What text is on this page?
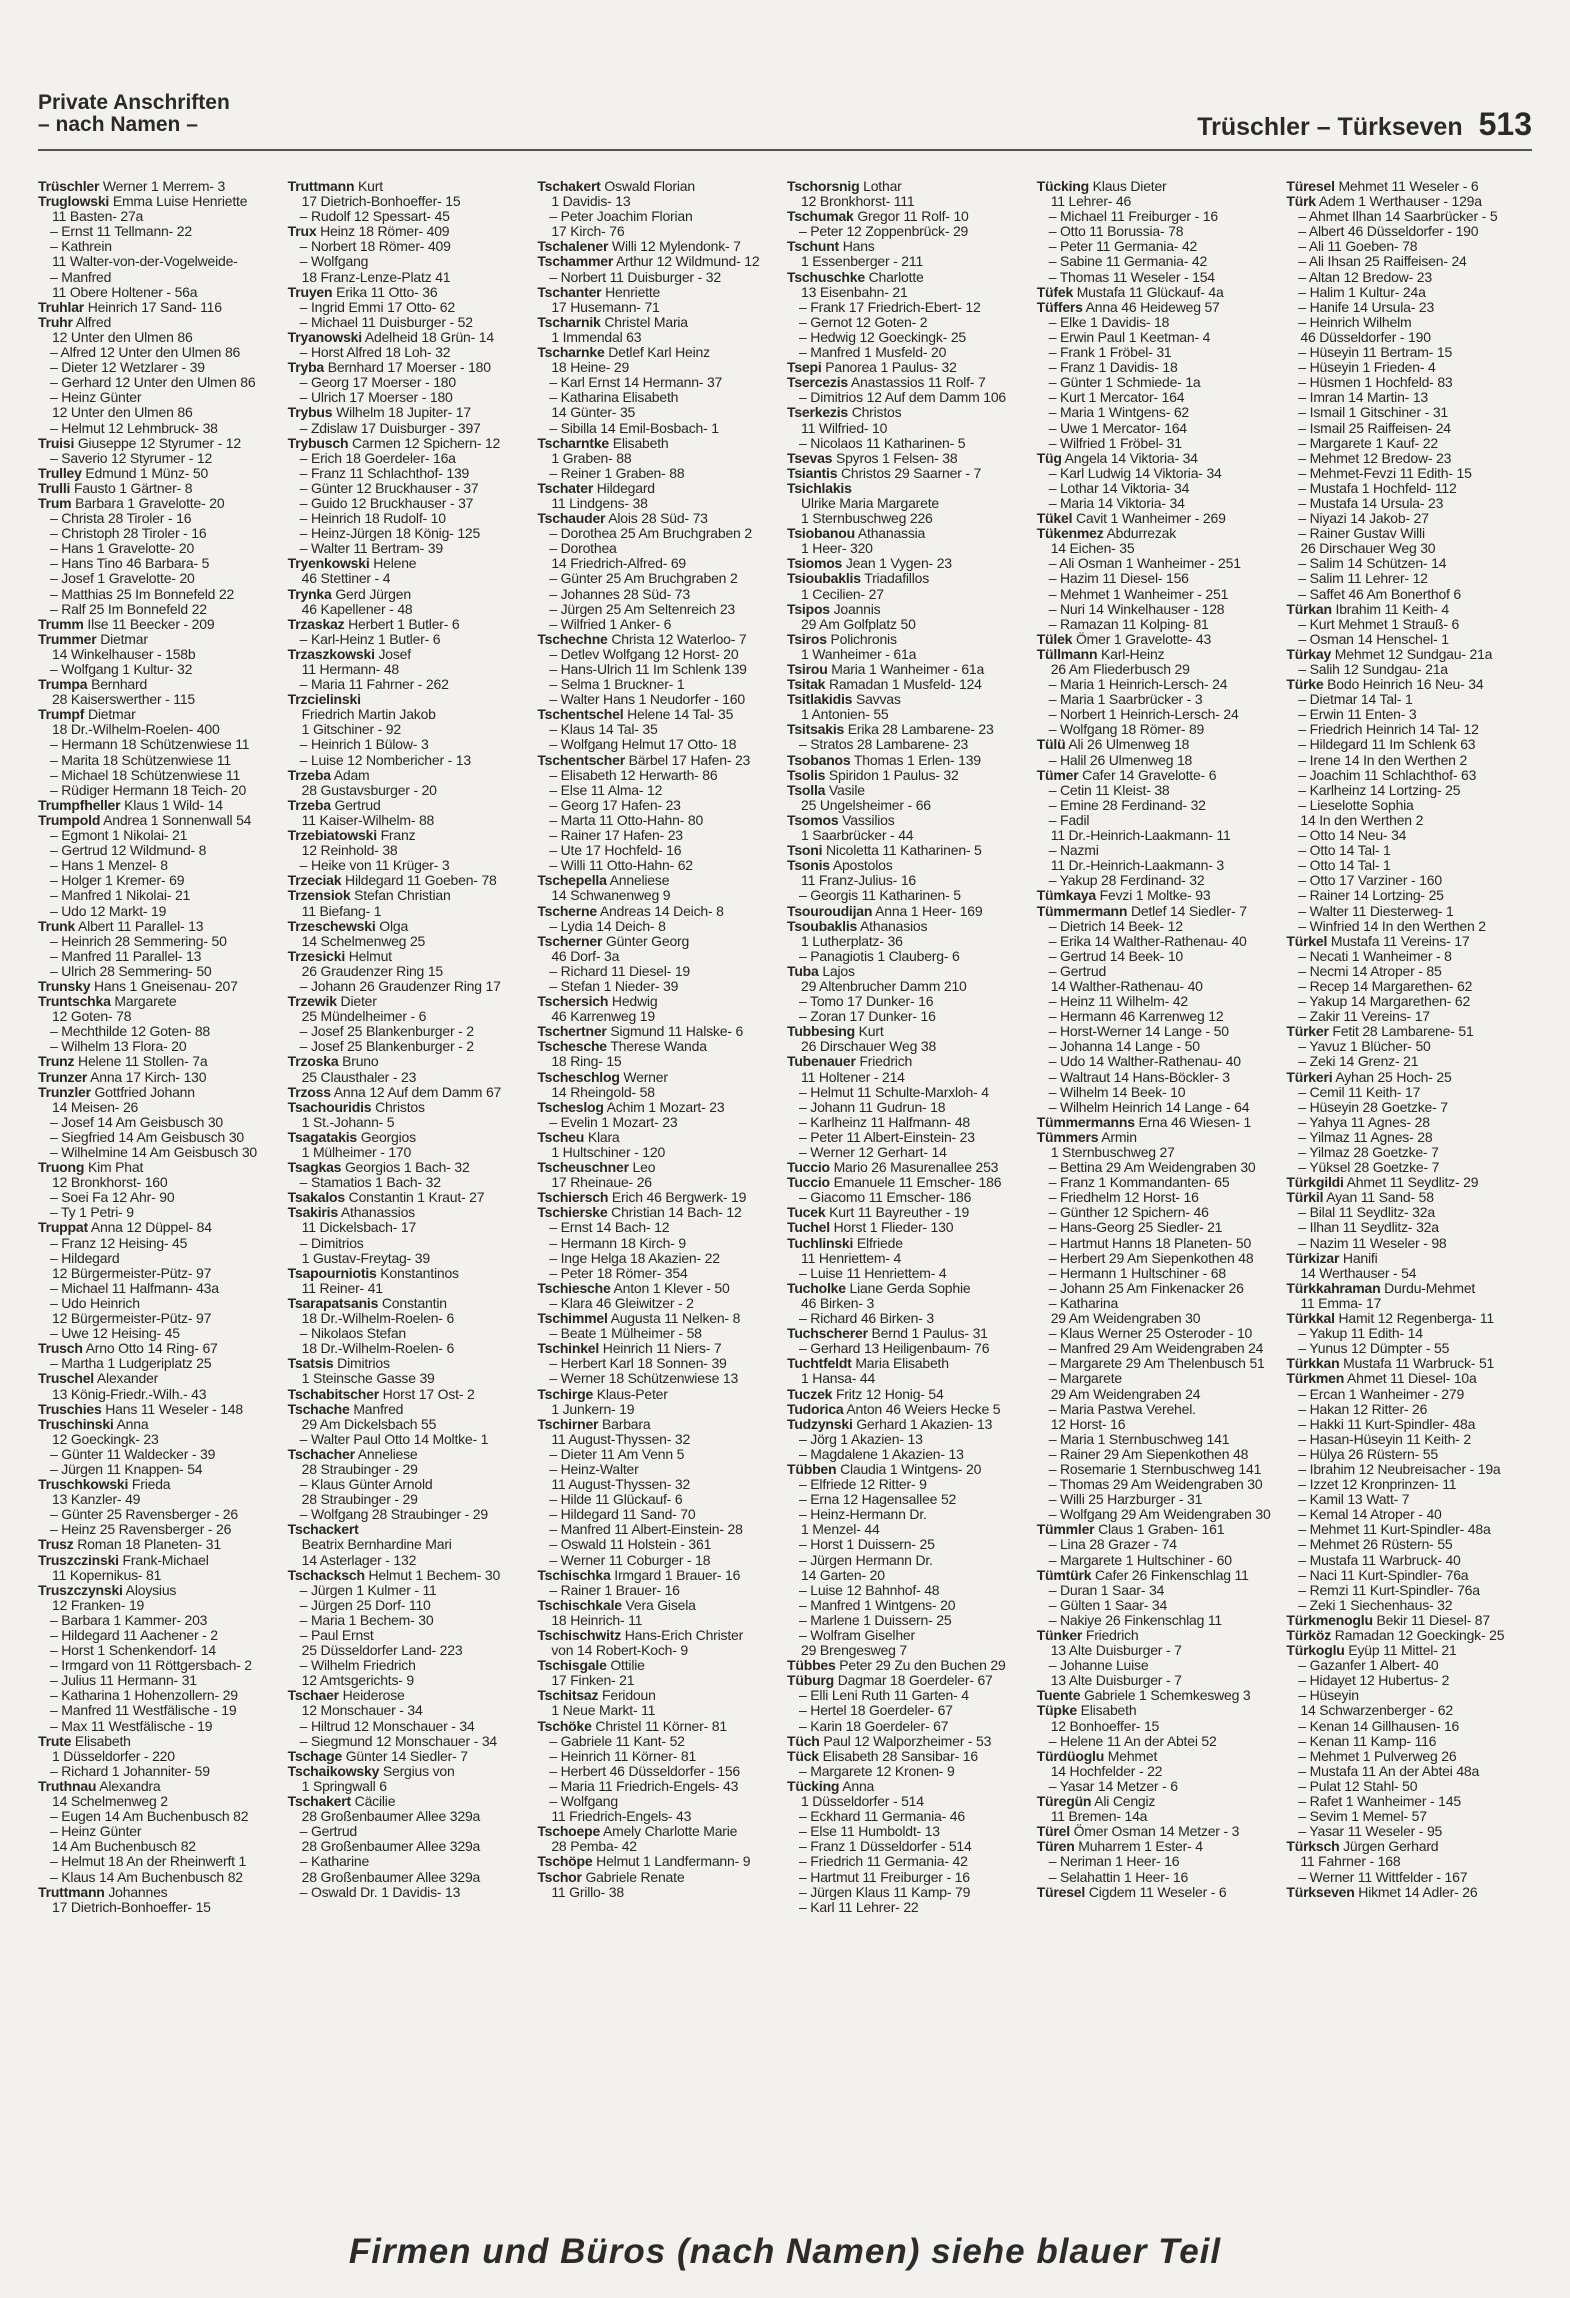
Private Anschriften
– nach Namen –	Trüschler – Türkseven 513
Trüschler Werner 1 Merrem- 3
Truglowski Emma Luise Henriette
11 Basten- 27a
– Ernst 11 Tellmann- 22
– Kathrein
11 Walter-von-der-Vogelweide-
– Manfred
11 Obere Holtener - 56a
Truhlar Heinrich 17 Sand- 116
Truhr Alfred
12 Unter den Ulmen 86
– Alfred 12 Unter den Ulmen 86
– Dieter 12 Wetzlarer - 39
– Gerhard 12 Unter den Ulmen 86
– Heinz Günter
12 Unter den Ulmen 86
– Helmut 12 Lehmbruck- 38
Truisi Giuseppe 12 Styrumer - 12
– Saverio 12 Styrumer - 12
Trulley Edmund 1 Münz- 50
Trulli Fausto 1 Gärtner- 8
Trum Barbara 1 Gravelotte- 20
– Christa 28 Tiroler - 16
– Christoph 28 Tiroler - 16
– Hans 1 Gravelotte- 20
– Hans Tino 46 Barbara- 5
– Josef 1 Gravelotte- 20
– Matthias 25 Im Bonnefeld 22
– Ralf 25 Im Bonnefeld 22
Trumm Ilse 11 Beecker - 209
Trummer Dietmar
14 Winkelhauser - 158b
– Wolfgang 1 Kultur- 32
Trumpa Bernhard
28 Kaiserswerther - 115
Trumpf Dietmar
18 Dr.-Wilhelm-Roelen- 400
– Hermann 18 Schützenwiese 11
– Marita 18 Schützenwiese 11
– Michael 18 Schützenwiese 11
– Rüdiger Hermann 18 Teich- 20
Trumpfheller Klaus 1 Wild- 14
Trumpold Andrea 1 Sonnenwall 54
– Egmont 1 Nikolai- 21
– Gertrud 12 Wildmund- 8
– Hans 1 Menzel- 8
– Holger 1 Kremer- 69
– Manfred 1 Nikolai- 21
– Udo 12 Markt- 19
Trunk Albert 11 Parallel- 13
– Heinrich 28 Semmering- 50
– Manfred 11 Parallel- 13
– Ulrich 28 Semmering- 50
Trunsky Hans 1 Gneisenau- 207
Truntschka Margarete
12 Goten- 78
– Mechthilde 12 Goten- 88
– Wilhelm 13 Flora- 20
Trunz Helene 11 Stollen- 7a
Trunzer Anna 17 Kirch- 130
Trunzler Gottfried Johann
14 Meisen- 26
– Josef 14 Am Geisbusch 30
– Siegfried 14 Am Geisbusch 30
– Wilhelmine 14 Am Geisbusch 30
Truong Kim Phat
12 Bronkhorst- 160
– Soei Fa 12 Ahr- 90
– Ty 1 Petri- 9
Truppat Anna 12 Düppel- 84
– Franz 12 Heising- 45
– Hildegard
12 Bürgermeister-Pütz- 97
– Michael 11 Halfmann- 43a
– Udo Heinrich
12 Bürgermeister-Pütz- 97
– Uwe 12 Heising- 45
Trusch Arno Otto 14 Ring- 67
– Martha 1 Ludgeriplatz 25
Truschel Alexander
13 König-Friedr.-Wilh.- 43
Truschies Hans 11 Weseler - 148
Truschinski Anna
12 Goeckingk- 23
– Günter 11 Waldecker - 39
– Jürgen 11 Knappen- 54
Truschkowski Frieda
13 Kanzler- 49
– Günter 25 Ravensberger - 26
– Heinz 25 Ravensberger - 26
Trusz Roman 18 Planeten- 31
Truszczinski Frank-Michael
11 Kopernikus- 81
Truszczynski Aloysius
12 Franken- 19
– Barbara 1 Kammer- 203
– Hildegard 11 Aachener - 2
– Horst 1 Schenkendorf- 14
– Irmgard von 11 Röttgersbach- 2
– Julius 11 Hermann- 31
– Katharina 1 Hohenzollern- 29
– Manfred 11 Westfälische - 19
– Max 11 Westfälische - 19
Trute Elisabeth
1 Düsseldorfer - 220
– Richard 1 Johanniter- 59
Truthnau Alexandra
14 Schelmenweg 2
– Eugen 14 Am Buchenbusch 82
– Heinz Günter
14 Am Buchenbusch 82
– Helmut 18 An der Rheinwerft 1
– Klaus 14 Am Buchenbusch 82
Truttmann Johannes
17 Dietrich-Bonhoeffer- 15
Truttmann Kurt
17 Dietrich-Bonhoeffer- 15
– Rudolf 12 Spessart- 45
Trux Heinz 18 Römer- 409
– Norbert 18 Römer- 409
– Wolfgang
18 Franz-Lenze-Platz 41
Truyen Erika 11 Otto- 36
– Ingrid Emmi 17 Otto- 62
– Michael 11 Duisburger - 52
Tryanowski Adelheid 18 Grün- 14
– Horst Alfred 18 Loh- 32
Tryba Bernhard 17 Moerser - 180
– Georg 17 Moerser - 180
– Ulrich 17 Moerser - 180
Trybus Wilhelm 18 Jupiter- 17
– Zdislaw 17 Duisburger - 397
Trybusch Carmen 12 Spichern- 12
– Erich 18 Goerdeler- 16a
– Franz 11 Schlachthof- 139
– Günter 12 Bruckhauser - 37
– Guido 12 Bruckhauser - 37
– Heinrich 18 Rudolf- 10
– Heinz-Jürgen 18 König- 125
– Walter 11 Bertram- 39
Tryenkowski Helene
46 Stettiner - 4
Trynka Gerd Jürgen
46 Kapellener - 48
Trzaskaz Herbert 1 Butler- 6
– Karl-Heinz 1 Butler- 6
Trzaszkowski Josef
11 Hermann- 48
– Maria 11 Fahrner - 262
Trzcielinski
Friedrich Martin Jakob
1 Gitschiner - 92
– Heinrich 1 Bülow- 3
– Luise 12 Nombericher - 13
Trzeba Adam
28 Gustavsburger - 20
Trzeba Gertrud
11 Kaiser-Wilhelm- 88
Trzebiatowski Franz
12 Reinhold- 38
– Heike von 11 Krüger- 3
Trzeciak Hildegard 11 Goeben- 78
Trzensiok Stefan Christian
11 Biefang- 1
Trzeschewski Olga
14 Schelmenweg 25
Trzesicki Helmut
26 Graudenzer Ring 15
– Johann 26 Graudenzer Ring 17
Trzewik Dieter
25 Mündelheimer - 6
– Josef 25 Blankenburger - 2
– Josef 25 Blankenburger - 2
Trzoska Bruno
25 Clausthaler - 23
Trzoss Anna 12 Auf dem Damm 67
Tsachouridis Christos
1 St.-Johann- 5
Tsagatakis Georgios
1 Mülheimer - 170
Tsagkas Georgios 1 Bach- 32
– Stamatios 1 Bach- 32
Tsakalos Constantin 1 Kraut- 27
Tsakiris Athanassios
11 Dickelsbach- 17
– Dimitrios
1 Gustav-Freytag- 39
Tsapourniotis Konstantinos
11 Reiner- 41
Tsarapatsanis Constantin
18 Dr.-Wilhelm-Roelen- 6
– Nikolaos Stefan
18 Dr.-Wilhelm-Roelen- 6
Tsatsis Dimitrios
1 Steinsche Gasse 39
Tschabitscher Horst 17 Ost- 2
Tschache Manfred
29 Am Dickelsbach 55
– Walter Paul Otto 14 Moltke- 1
Tschacher Anneliese
28 Straubinger - 29
– Klaus Günter Arnold
28 Straubinger - 29
– Wolfgang 28 Straubinger - 29
Tschackert
Beatrix Bernhardine Mari
14 Asterlager - 132
Tschacksch Helmut 1 Bechem- 30
– Jürgen 1 Kulmer - 11
– Jürgen 25 Dorf- 110
– Maria 1 Bechem- 30
– Paul Ernst
25 Düsseldorfer Land- 223
– Wilhelm Friedrich
12 Amtsgerichts- 9
Tschaer Heiderose
12 Monschauer - 34
– Hiltrud 12 Monschauer - 34
– Siegmund 12 Monschauer - 34
Tschage Günter 14 Siedler- 7
Tschaikowsky Sergius von
1 Springwall 6
Tschakert Cäcilie
28 Großenbaumer Allee 329a
– Gertrud
28 Großenbaumer Allee 329a
– Katharine
28 Großenbaumer Allee 329a
– Oswald Dr. 1 Davidis- 13
Tschakert Oswald Florian
1 Davidis- 13
– Peter Joachim Florian
17 Kirch- 76
Tschalener Willi 12 Mylendonk- 7
Tschammer Arthur 12 Wildmund- 12
– Norbert 11 Duisburger - 32
Tschanter Henriette
17 Husemann- 71
Tscharnik Christel Maria
1 Immendal 63
Tscharnke Detlef Karl Heinz
18 Heine- 29
– Karl Ernst 14 Hermann- 37
– Katharina Elisabeth
14 Günter- 35
– Sibilla 14 Emil-Bosbach- 1
Tscharntke Elisabeth
1 Graben- 88
– Reiner 1 Graben- 88
Tschater Hildegard
11 Lindgens- 38
Tschauder Alois 28 Süd- 73
– Dorothea 25 Am Bruchgraben 2
– Dorothea
14 Friedrich-Alfred- 69
– Günter 25 Am Bruchgraben 2
– Johannes 28 Süd- 73
– Jürgen 25 Am Seltenreich 23
– Wilfried 1 Anker- 6
Tschechne Christa 12 Waterloo- 7
– Detlev Wolfgang 12 Horst- 20
– Hans-Ulrich 11 Im Schlenk 139
– Selma 1 Bruckner- 1
– Walter Hans 1 Neudorfer - 160
Tschentschel Helene 14 Tal- 35
– Klaus 14 Tal- 35
– Wolfgang Helmut 17 Otto- 18
Tschentscher Bärbel 17 Hafen- 23
– Elisabeth 12 Herwarth- 86
– Else 11 Alma- 12
– Georg 17 Hafen- 23
– Marta 11 Otto-Hahn- 80
– Rainer 17 Hafen- 23
– Ute 17 Hochfeld- 16
– Willi 11 Otto-Hahn- 62
Tschepella Anneliese
14 Schwanenweg 9
Tscherne Andreas 14 Deich- 8
– Lydia 14 Deich- 8
Tscherner Günter Georg
46 Dorf- 3a
– Richard 11 Diesel- 19
– Stefan 1 Nieder- 39
Tschersich Hedwig
46 Karrenweg 19
Tschertner Sigmund 11 Halske- 6
Tschesche Therese Wanda
18 Ring- 15
Tscheschlog Werner
14 Rheingold- 58
Tscheslog Achim 1 Mozart- 23
– Evelin 1 Mozart- 23
Tscheu Klara
1 Hultschiner - 120
Tscheuschner Leo
17 Rheinaue- 26
Tschiersch Erich 46 Bergwerk- 19
Tschierske Christian 14 Bach- 12
– Ernst 14 Bach- 12
– Hermann 18 Kirch- 9
– Inge Helga 18 Akazien- 22
– Peter 18 Römer- 354
Tschiesche Anton 1 Klever - 50
– Klara 46 Gleiwitzer - 2
Tschimmel Augusta 11 Nelken- 8
– Beate 1 Mülheimer - 58
Tschinkel Heinrich 11 Niers- 7
– Herbert Karl 18 Sonnen- 39
– Werner 18 Schützenwiese 13
Tschirge Klaus-Peter
1 Junkern- 19
Tschirner Barbara
11 August-Thyssen- 32
– Dieter 11 Am Venn 5
– Heinz-Walter
11 August-Thyssen- 32
– Hilde 11 Glückauf- 6
– Hildegard 11 Sand- 70
– Manfred 11 Albert-Einstein- 28
– Oswald 11 Holstein - 361
– Werner 11 Coburger - 18
Tschischka Irmgard 1 Brauer- 16
– Rainer 1 Brauer- 16
Tschischkale Vera Gisela
18 Heinrich- 11
Tschischwitz Hans-Erich Christer
von 14 Robert-Koch- 9
Tschisgale Ottilie
17 Finken- 21
Tschitsaz Feridoun
1 Neue Markt- 11
Tschöke Christel 11 Körner- 81
– Gabriele 11 Kant- 52
– Heinrich 11 Körner- 81
– Herbert 46 Düsseldorfer - 156
– Maria 11 Friedrich-Engels- 43
– Wolfgang
11 Friedrich-Engels- 43
Tschoepe Amely Charlotte Marie
28 Pemba- 42
Tschöpe Helmut 1 Landfermann- 9
Tschor Gabriele Renate
11 Grillo- 38
Tschorsnig Lothar
12 Bronkhorst- 111
Tschumak Gregor 11 Rolf- 10
– Peter 12 Zoppenbrück- 29
Tschunt Hans
1 Essenberger - 211
Tschuschke Charlotte
13 Eisenbahn- 21
– Frank 17 Friedrich-Ebert- 12
– Gernot 12 Goten- 2
– Hedwig 12 Goeckingk- 25
– Manfred 1 Musfeld- 20
Tsepi Panorea 1 Paulus- 32
Tsercezis Anastassios 11 Rolf- 7
– Dimitrios 12 Auf dem Damm 106
Tserkezis Christos
11 Wilfried- 10
– Nicolaos 11 Katharinen- 5
Tsevas Spyros 1 Felsen- 38
Tsiantis Christos 29 Saarner - 7
Tsichlakis
Ulrike Maria Margarete
1 Sternbuschweg 226
Tsiobanou Athanassia
1 Heer- 320
Tsiomos Jean 1 Vygen- 23
Tsioubaklis Triadafillos
1 Cecilien- 27
Tsipos Joannis
29 Am Golfplatz 50
Tsiros Polichronis
1 Wanheimer - 61a
Tsirou Maria 1 Wanheimer - 61a
Tsitak Ramadan 1 Musfeld- 124
Tsitlakidis Savvas
1 Antonien- 55
Tsitsakis Erika 28 Lambarene- 23
– Stratos 28 Lambarene- 23
Tsobanos Thomas 1 Erlen- 139
Tsolis Spiridon 1 Paulus- 32
Tsolla Vasile
25 Ungelsheimer - 66
Tsomos Vassilios
1 Saarbrücker - 44
Tsoni Nicoletta 11 Katharinen- 5
Tsonis Apostolos
11 Franz-Julius- 16
– Georgis 11 Katharinen- 5
Tsouroudijan Anna 1 Heer- 169
Tsoubaklis Athanasios
1 Lutherplatz- 36
– Panagiotis 1 Clauberg- 6
Tuba Lajos
29 Altenbrucher Damm 210
– Tomo 17 Dunker- 16
– Zoran 17 Dunker- 16
Tubbesing Kurt
26 Dirschauer Weg 38
Tubenauer Friedrich
11 Holtener - 214
– Helmut 11 Schulte-Marxloh- 4
– Johann 11 Gudrun- 18
– Karlheinz 11 Halfmann- 48
– Peter 11 Albert-Einstein- 23
– Werner 12 Gerhart- 14
Tuccio Mario 26 Masurenallee 253
Tuccio Emanuele 11 Emscher- 186
– Giacomo 11 Emscher- 186
Tucek Kurt 11 Bayreuther - 19
Tuchel Horst 1 Flieder- 130
Tuchlinski Elfriede
11 Henriettem- 4
– Luise 11 Henriettem- 4
Tucholke Liane Gerda Sophie
46 Birken- 3
– Richard 46 Birken- 3
Tuchscherer Bernd 1 Paulus- 31
– Gerhard 13 Heiligenbaum- 76
Tuchtfeldt Maria Elisabeth
1 Hansa- 44
Tuczek Fritz 12 Honig- 54
Tudorica Anton 46 Weiers Hecke 5
Tudzynski Gerhard 1 Akazien- 13
– Jörg 1 Akazien- 13
– Magdalene 1 Akazien- 13
Tübben Claudia 1 Wintgens- 20
– Elfriede 12 Ritter- 9
– Erna 12 Hagensallee 52
– Heinz-Hermann Dr.
1 Menzel- 44
– Horst 1 Duissern- 25
– Jürgen Hermann Dr.
14 Garten- 20
– Luise 12 Bahnhof- 48
– Manfred 1 Wintgens- 20
– Marlene 1 Duissern- 25
– Wolfram Giselher
29 Brengesweg 7
Tübbes Peter 29 Zu den Buchen 29
Tüburg Dagmar 18 Goerdeler- 67
– Elli Leni Ruth 11 Garten- 4
– Hertel 18 Goerdeler- 67
– Karin 18 Goerdeler- 67
Tüch Paul 12 Walporzheimer - 53
Tück Elisabeth 28 Sansibar- 16
– Margarete 12 Kronen- 9
Tücking Anna
1 Düsseldorfer - 514
– Eckhard 11 Germania- 46
– Else 11 Humboldt- 13
– Franz 1 Düsseldorfer - 514
– Friedrich 11 Germania- 42
– Hartmut 11 Freiburger - 16
– Jürgen Klaus 11 Kamp- 79
– Karl 11 Lehrer- 22
Tücking Klaus Dieter
11 Lehrer- 46
– Michael 11 Freiburger - 16
– Otto 11 Borussia- 78
– Peter 11 Germania- 42
– Sabine 11 Germania- 42
– Thomas 11 Weseler - 154
Tüfek Mustafa 11 Glückauf- 4a
Tüffers Anna 46 Heideweg 57
– Elke 1 Davidis- 18
– Erwin Paul 1 Keetman- 4
– Frank 1 Fröbel- 31
– Franz 1 Davidis- 18
– Günter 1 Schmiede- 1a
– Kurt 1 Mercator- 164
– Maria 1 Wintgens- 62
– Uwe 1 Mercator- 164
– Wilfried 1 Fröbel- 31
Tüg Angela 14 Viktoria- 34
– Karl Ludwig 14 Viktoria- 34
– Lothar 14 Viktoria- 34
– Maria 14 Viktoria- 34
Tükel Cavit 1 Wanheimer - 269
Tükenmez Abdurrezak
14 Eichen- 35
– Ali Osman 1 Wanheimer - 251
– Hazim 11 Diesel- 156
– Mehmet 1 Wanheimer - 251
– Nuri 14 Winkelhauser - 128
– Ramazan 11 Kolping- 81
Tülek Ömer 1 Gravelotte- 43
Tüllmann Karl-Heinz
26 Am Fliederbusch 29
– Maria 1 Heinrich-Lersch- 24
– Maria 1 Saarbrücker - 3
– Norbert 1 Heinrich-Lersch- 24
– Wolfgang 18 Römer- 89
Tülü Ali 26 Ulmenweg 18
– Halil 26 Ulmenweg 18
Tümer Cafer 14 Gravelotte- 6
– Cetin 11 Kleist- 38
– Emine 28 Ferdinand- 32
– Fadil
11 Dr.-Heinrich-Laakmann- 11
– Nazmi
11 Dr.-Heinrich-Laakmann- 3
– Yakup 28 Ferdinand- 32
Tümkaya Fevzi 1 Moltke- 93
Tümmermann Detlef 14 Siedler- 7
– Dietrich 14 Beek- 12
– Erika 14 Walther-Rathenau- 40
– Gertrud 14 Beek- 10
– Gertrud
14 Walther-Rathenau- 40
– Heinz 11 Wilhelm- 42
– Hermann 46 Karrenweg 12
– Horst-Werner 14 Lange - 50
– Johanna 14 Lange - 50
– Udo 14 Walther-Rathenau- 40
– Waltraut 14 Hans-Böckler- 3
– Wilhelm 14 Beek- 10
– Wilhelm Heinrich 14 Lange - 64
Tümmermanns Erna 46 Wiesen- 1
Tümmers Armin
1 Sternbuschweg 27
– Bettina 29 Am Weidengraben 30
– Franz 1 Kommandanten- 65
– Friedhelm 12 Horst- 16
– Günther 12 Spichern- 46
– Hans-Georg 25 Siedler- 21
– Hartmut Hanns 18 Planeten- 50
– Herbert 29 Am Siepenkothen 48
– Hermann 1 Hultschiner - 68
– Johann 25 Am Finkenacker 26
– Katharina
29 Am Weidengraben 30
– Klaus Werner 25 Osteroder - 10
– Manfred 29 Am Weidengraben 24
– Margarete 29 Am Thelenbusch 51
– Margarete
29 Am Weidengraben 24
– Maria Pastwa Verehel.
12 Horst- 16
– Maria 1 Sternbuschweg 141
– Rainer 29 Am Siepenkothen 48
– Rosemarie 1 Sternbuschweg 141
– Thomas 29 Am Weidengraben 30
– Willi 25 Harzburger - 31
– Wolfgang 29 Am Weidengraben 30
Tümmler Claus 1 Graben- 161
– Lina 28 Grazer - 74
– Margarete 1 Hultschiner - 60
Tümtürk Cafer 26 Finkenschlag 11
– Duran 1 Saar- 34
– Gülten 1 Saar- 34
– Nakiye 26 Finkenschlag 11
Tünker Friedrich
13 Alte Duisburger - 7
– Johanne Luise
13 Alte Duisburger - 7
Tuente Gabriele 1 Schemkesweg 3
Tüpke Elisabeth
12 Bonhoeffer- 15
– Helene 11 An der Abtei 52
Türdüoglu Mehmet
14 Hochfelder - 22
– Yasar 14 Metzer - 6
Türegün Ali Cengiz
11 Bremen- 14a
Türel Ömer Osman 14 Metzer - 3
Türen Muharrem 1 Ester- 4
– Neriman 1 Heer- 16
– Selahattin 1 Heer- 16
Türesel Cigdem 11 Weseler - 6
Türesel Mehmet 11 Weseler - 6
Türk Adem 1 Werthauser - 129a
– Ahmet Ilhan 14 Saarbrücker - 5
– Albert 46 Düsseldorfer - 190
– Ali 11 Goeben- 78
– Ali Ihsan 25 Raiffeisen- 24
– Altan 12 Bredow- 23
– Halim 1 Kultur- 24a
– Hanife 14 Ursula- 23
– Heinrich Wilhelm
46 Düsseldorfer - 190
– Hüseyin 11 Bertram- 15
– Hüseyin 1 Frieden- 4
– Hüsmen 1 Hochfeld- 83
– Imran 14 Martin- 13
– Ismail 1 Gitschiner - 31
– Ismail 25 Raiffeisen- 24
– Margarete 1 Kauf- 22
– Mehmet 12 Bredow- 23
– Mehmet-Fevzi 11 Edith- 15
– Mustafa 1 Hochfeld- 112
– Mustafa 14 Ursula- 23
– Niyazi 14 Jakob- 27
– Rainer Gustav Willi
26 Dirschauer Weg 30
– Salim 14 Schützen- 14
– Salim 11 Lehrer- 12
– Saffet 46 Am Bonerthof 6
Türkan Ibrahim 11 Keith- 4
– Kurt Mehmet 1 Strauß- 6
– Osman 14 Henschel- 1
Türkay Mehmet 12 Sundgau- 21a
– Salih 12 Sundgau- 21a
Türke Bodo Heinrich 16 Neu- 34
– Dietmar 14 Tal- 1
– Erwin 11 Enten- 3
– Friedrich Heinrich 14 Tal- 12
– Hildegard 11 Im Schlenk 63
– Irene 14 In den Werthen 2
– Joachim 11 Schlachthof- 63
– Karlheinz 14 Lortzing- 25
– Lieselotte Sophia
14 In den Werthen 2
– Otto 14 Neu- 34
– Otto 14 Tal- 1
– Otto 14 Tal- 1
– Otto 17 Varziner - 160
– Rainer 14 Lortzing- 25
– Walter 11 Diesterweg- 1
– Winfried 14 In den Werthen 2
Türkel Mustafa 11 Vereins- 17
– Necati 1 Wanheimer - 8
– Necmi 14 Atroper - 85
– Recep 14 Margarethen- 62
– Yakup 14 Margarethen- 62
– Zakir 11 Vereins- 17
Türker Fetit 28 Lambarene- 51
– Yavuz 1 Blücher- 50
– Zeki 14 Grenz- 21
Türkeri Ayhan 25 Hoch- 25
– Cemil 11 Keith- 17
– Hüseyin 28 Goetzke- 7
– Yahya 11 Agnes- 28
– Yilmaz 11 Agnes- 28
– Yilmaz 28 Goetzke- 7
– Yüksel 28 Goetzke- 7
Türkgildi Ahmet 11 Seydlitz- 29
Türkil Ayan 11 Sand- 58
– Bilal 11 Seydlitz- 32a
– Ilhan 11 Seydlitz- 32a
– Nazim 11 Weseler - 98
Türkizar Hanifi
14 Werthauser - 54
Türkkahraman Durdu-Mehmet
11 Emma- 17
Türkkal Hamit 12 Regenberga- 11
– Yakup 11 Edith- 14
– Yunus 12 Dümpter - 55
Türkkan Mustafa 11 Warbruck- 51
Türkmen Ahmet 11 Diesel- 10a
– Ercan 1 Wanheimer - 279
– Hakan 12 Ritter- 26
– Hakki 11 Kurt-Spindler- 48a
– Hasan-Hüseyin 11 Keith- 2
– Hülya 26 Rüstern- 55
– Ibrahim 12 Neubreisacher - 19a
– Izzet 12 Kronprinzen- 11
– Kamil 13 Watt- 7
– Kemal 14 Atroper - 40
– Mehmet 11 Kurt-Spindler- 48a
– Mehmet 26 Rüstern- 55
– Mustafa 11 Warbruck- 40
– Naci 11 Kurt-Spindler- 76a
– Remzi 11 Kurt-Spindler- 76a
– Zeki 1 Siechenhaus- 32
Türkmenoglu Bekir 11 Diesel- 87
Türköz Ramadan 12 Goeckingk- 25
Türkoglu Eyüp 11 Mittel- 21
– Gazanfer 1 Albert- 40
– Hidayet 12 Hubertus- 2
– Hüseyin
14 Schwarzenberger - 62
– Kenan 14 Gillhausen- 16
– Kenan 11 Kamp- 116
– Mehmet 1 Pulverweg 26
– Mustafa 11 An der Abtei 48a
– Pulat 12 Stahl- 50
– Rafet 1 Wanheimer - 145
– Sevim 1 Memel- 57
– Yasar 11 Weseler - 95
Türksch Jürgen Gerhard
11 Fahrner - 168
– Werner 11 Wittfelder - 167
Türkseven Hikmet 14 Adler- 26
Firmen und Büros (nach Namen) siehe blauer Teil
